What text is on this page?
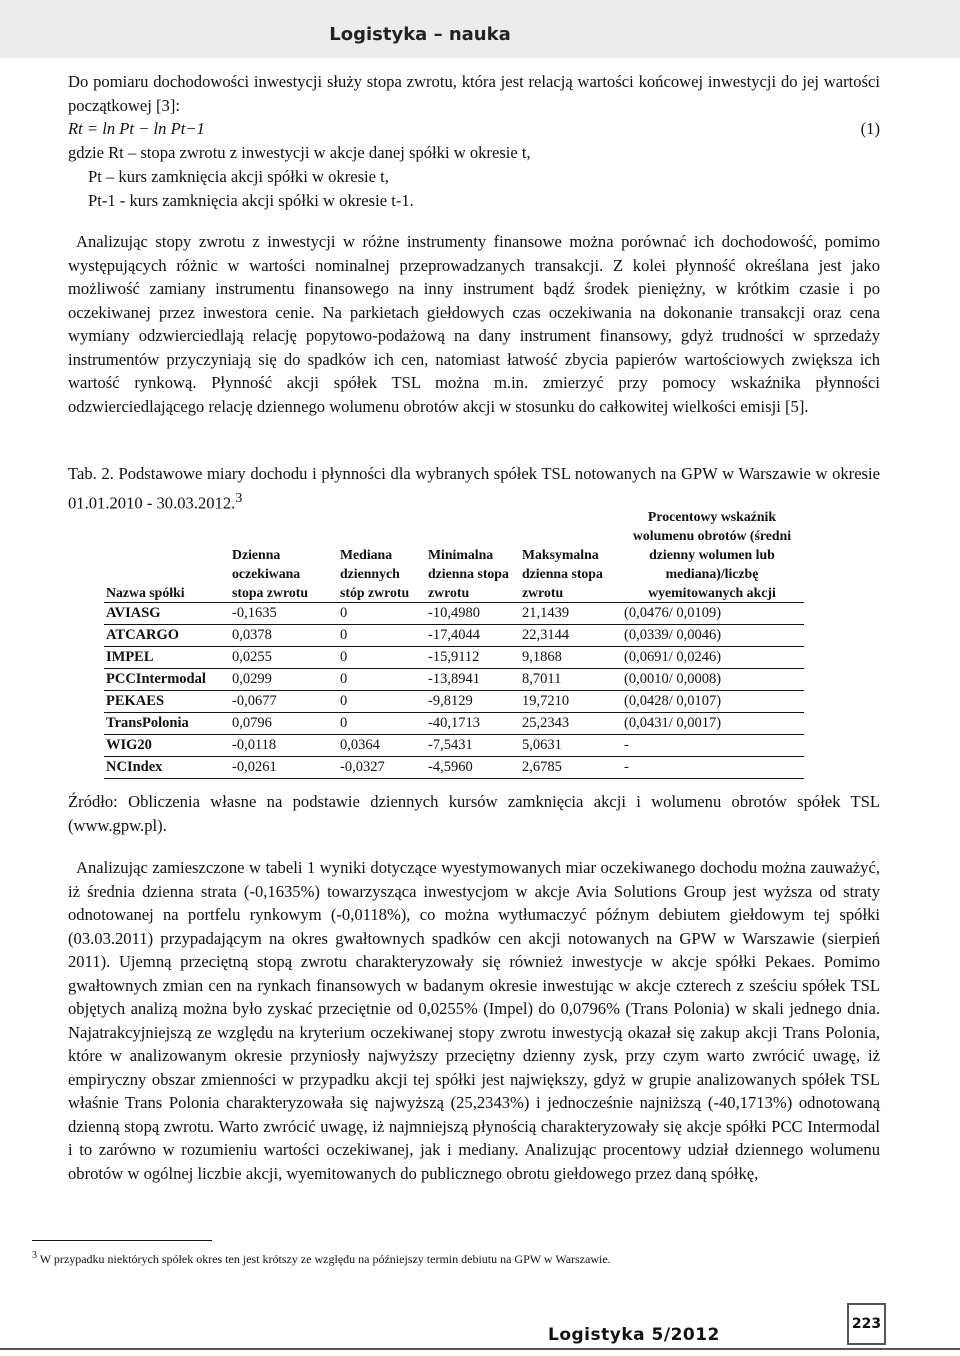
Logistyka – nauka

Do pomiaru dochodowości inwestycji służy stopa zwrotu, która jest relacją wartości końcowej inwestycji do jej wartości początkowej [3]:

Rt = ln Pt − ln Pt−1	(1)

gdzie Rt – stopa zwrotu z inwestycji w akcje danej spółki w okresie t,

Pt – kurs zamknięcia akcji spółki w okresie t,

Pt-1 - kurs zamknięcia akcji spółki w okresie t-1.

Analizując stopy zwrotu z inwestycji w różne instrumenty finansowe można porównać ich dochodowość, pomimo występujących różnic w wartości nominalnej przeprowadzanych transakcji. Z kolei płynność określana jest jako możliwość zamiany instrumentu finansowego na inny instrument bądź środek pieniężny, w krótkim czasie i po oczekiwanej przez inwestora cenie. Na parkietach giełdowych czas oczekiwania na dokonanie transakcji oraz cena wymiany odzwierciedlają relację popytowo-podażową na dany instrument finansowy, gdyż trudności w sprzedaży instrumentów przyczyniają się do spadków ich cen, natomiast łatwość zbycia papierów wartościowych zwiększa ich wartość rynkową. Płynność akcji spółek TSL można m.in. zmierzyć przy pomocy wskaźnika płynności odzwierciedlającego relację dziennego wolumenu obrotów akcji w stosunku do całkowitej wielkości emisji [5].

Tab. 2. Podstawowe miary dochodu i płynności dla wybranych spółek TSL notowanych na GPW w Warszawie w okresie 01.01.2010 - 30.03.2012.$^3$

Nazwa spółki	Dzienna oczekiwana stopa zwrotu	Mediana dziennych stóp zwrotu	Minimalna dzienna stopa zwrotu	Maksymalna dzienna stopa zwrotu	Procentowy wskaźnik wolumenu obrotów (średni dzienny wolumen lub mediana)/liczbę wyemitowanych akcji
AVIASG	-0,1635	0	-10,4980	21,1439	(0,0476/ 0,0109)
ATCARGO	0,0378	0	-17,4044	22,3144	(0,0339/ 0,0046)
IMPEL	0,0255	0	-15,9112	9,1868	(0,0691/ 0,0246)
PCCIntermodal	0,0299	0	-13,8941	8,7011	(0,0010/ 0,0008)
PEKAES	-0,0677	0	-9,8129	19,7210	(0,0428/ 0,0107)
TransPolonia	0,0796	0	-40,1713	25,2343	(0,0431/ 0,0017)
WIG20	-0,0118	0,0364	-7,5431	5,0631	-
NCIndex	-0,0261	-0,0327	-4,5960	2,6785	-

Źródło: Obliczenia własne na podstawie dziennych kursów zamknięcia akcji i wolumenu obrotów spółek TSL (www.gpw.pl).

Analizując zamieszczone w tabeli 1 wyniki dotyczące wyestymowanych miar oczekiwanego dochodu można zauważyć, iż średnia dzienna strata (-0,1635%) towarzysząca inwestycjom w akcje Avia Solutions Group jest wyższa od straty odnotowanej na portfelu rynkowym (-0,0118%), co można wytłumaczyć późnym debiutem giełdowym tej spółki (03.03.2011) przypadającym na okres gwałtownych spadków cen akcji notowanych na GPW w Warszawie (sierpień 2011). Ujemną przeciętną stopą zwrotu charakteryzowały się również inwestycje w akcje spółki Pekaes. Pomimo gwałtownych zmian cen na rynkach finansowych w badanym okresie inwestując w akcje czterech z sześciu spółek TSL objętych analizą można było zyskać przeciętnie od 0,0255% (Impel) do 0,0796% (Trans Polonia) w skali jednego dnia. Najatrakcyjniejszą ze względu na kryterium oczekiwanej stopy zwrotu inwestycją okazał się zakup akcji Trans Polonia, które w analizowanym okresie przyniosły najwyższy przeciętny dzienny zysk, przy czym warto zwrócić uwagę, iż empiryczny obszar zmienności w przypadku akcji tej spółki jest największy, gdyż w grupie analizowanych spółek TSL właśnie Trans Polonia charakteryzowała się najwyższą (25,2343%) i jednocześnie najniższą (-40,1713%) odnotowaną dzienną stopą zwrotu. Warto zwrócić uwagę, iż najmniejszą płynością charakteryzowały się akcje spółki PCC Intermodal i to zarówno w rozumieniu wartości oczekiwanej, jak i mediany. Analizując procentowy udział dziennego wolumenu obrotów w ogólnej liczbie akcji, wyemitowanych do publicznego obrotu giełdowego przez daną spółkę,

$^3$ W przypadku niektórych spółek okres ten jest krótszy ze względu na późniejszy termin debiutu na GPW w Warszawie.
Logistyka 5/2012
223
